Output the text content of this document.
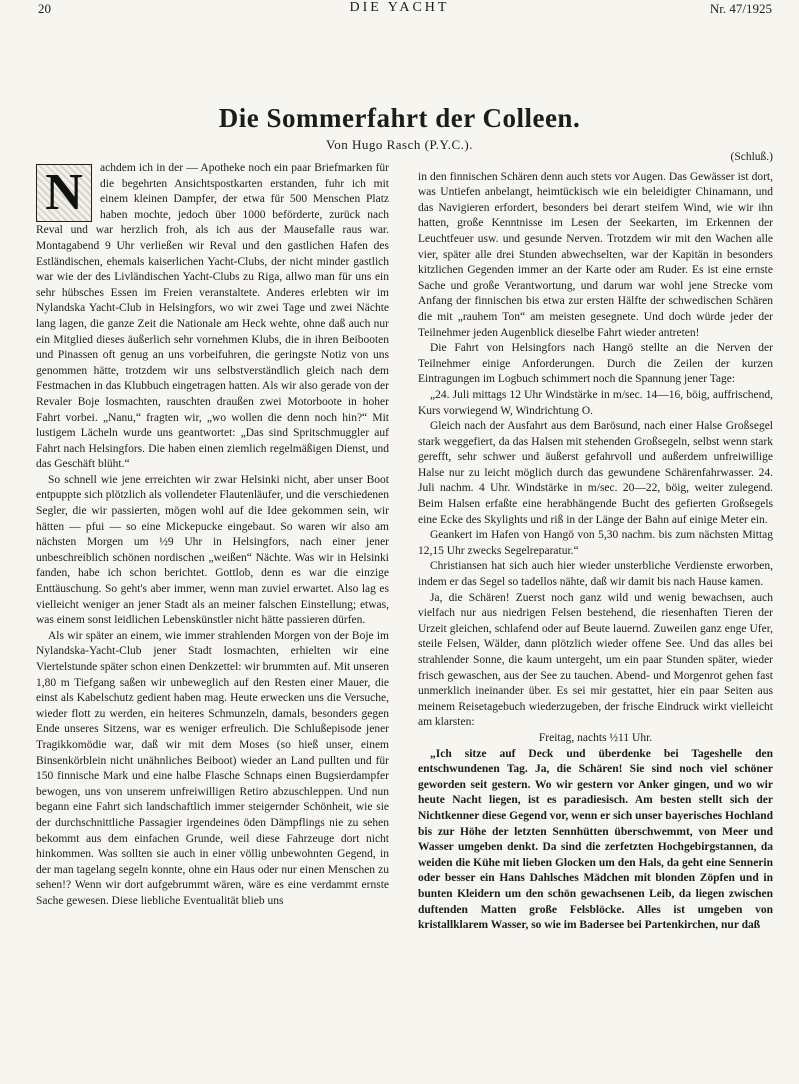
DIE YACHT
20	Nr. 47/1925
Die Sommerfahrt der Colleen.
Von Hugo Rasch (P.Y.C.).

N achdem ich in der — Apotheke noch ein paar Briefmarken für die begehrten Ansichtspostkarten erstanden, fuhr ich mit einem kleinen Dampfer, der etwa für 500 Menschen Platz haben mochte, jedoch über 1000 beförderte, zurück nach Reval und war herzlich froh, als ich aus der Mausefalle raus war. Montagabend 9 Uhr verließen wir Reval und den gastlichen Hafen des Estländischen, ehemals kaiserlichen Yacht-Clubs, der nicht minder gastlich war wie der des Livländischen Yacht-Clubs zu Riga, allwo man für uns ein sehr hübsches Essen im Freien veranstaltete. Anderes erlebten wir im Nylandska Yacht-Club in Helsingfors, wo wir zwei Tage und zwei Nächte lang lagen, die ganze Zeit die Nationale am Heck wehte, ohne daß auch nur ein Mitglied dieses äußerlich sehr vornehmen Klubs, die in ihren Beibooten und Pinassen oft genug an uns vorbeifuhren, die geringste Notiz von uns genommen hätte, trotzdem wir uns selbstverständlich gleich nach dem Festmachen in das Klubbuch eingetragen hatten. Als wir also gerade von der Revaler Boje losmachten, rauschten draußen zwei Motorboote in hoher Fahrt vorbei. „Nanu,“ fragten wir, „wo wollen die denn noch hin?“ Mit lustigem Lächeln wurde uns geantwortet: „Das sind Spritschmuggler auf Fahrt nach Helsingfors. Die haben einen ziemlich regelmäßigen Dienst, und das Geschäft blüht.“

So schnell wie jene erreichten wir zwar Helsinki nicht, aber unser Boot entpuppte sich plötzlich als vollendeter Flautenläufer, und die verschiedenen Segler, die wir passierten, mögen wohl auf die Idee gekommen sein, wir hätten — pfui — so eine Mickepucke eingebaut. So waren wir also am nächsten Morgen um ½9 Uhr in Helsingfors, nach einer jener unbeschreiblich schönen nordischen „weißen“ Nächte. Was wir in Helsinki fanden, habe ich schon berichtet. Gottlob, denn es war die einzige Enttäuschung. So geht's aber immer, wenn man zuviel erwartet. Also lag es vielleicht weniger an jener Stadt als an meiner falschen Einstellung; etwas, was einem sonst leidlichen Lebenskünstler nicht hätte passieren dürfen.

Als wir später an einem, wie immer strahlenden Morgen von der Boje im Nylandska-Yacht-Club jener Stadt losmachten, erhielten wir eine Viertelstunde später schon einen Denkzettel: wir brummten auf. Mit unseren 1,80 m Tiefgang saßen wir unbeweglich auf den Resten einer Mauer, die einst als Kabelschutz gedient haben mag. Heute erwecken uns die Versuche, wieder flott zu werden, ein heiteres Schmunzeln, damals, besonders gegen Ende unseres Sitzens, war es weniger erfreulich. Die Schlußepisode jener Tragikkomödie war, daß wir mit dem Moses (so hieß unser, einem Binsenkörblein nicht unähnliches Beiboot) wieder an Land pullten und für 150 finnische Mark und eine halbe Flasche Schnaps einen Bugsierdampfer bewogen, uns von unserem unfreiwilligen Retiro abzuschleppen. Und nun begann eine Fahrt sich landschaftlich immer steigernder Schönheit, wie sie der durchschnittliche Passagier irgendeines öden Dämpflings nie zu sehen bekommt aus dem einfachen Grunde, weil diese Fahrzeuge dort nicht hinkommen. Was sollten sie auch in einer völlig unbewohnten Gegend, in der man tagelang segeln konnte, ohne ein Haus oder nur einen Menschen zu sehen!? Wenn wir dort aufgebrummt wären, wäre es eine verdammt ernste Sache gewesen. Diese liebliche Eventualität blieb uns

(Schluß.)

in den finnischen Schären denn auch stets vor Augen. Das Gewässer ist dort, was Untiefen anbelangt, heimtückisch wie ein beleidigter Chinamann, und das Navigieren erfordert, besonders bei derart steifem Wind, wie wir ihn hatten, große Kenntnisse im Lesen der Seekarten, im Erkennen der Leuchtfeuer usw. und gesunde Nerven. Trotzdem wir mit den Wachen alle vier, später alle drei Stunden abwechselten, war der Kapitän in besonders kitzlichen Gegenden immer an der Karte oder am Ruder. Es ist eine ernste Sache und große Verantwortung, und darum war wohl jene Strecke vom Anfang der finnischen bis etwa zur ersten Hälfte der schwedischen Schären die mit „rauhem Ton“ am meisten gesegnete. Und doch würde jeder der Teilnehmer jeden Augenblick dieselbe Fahrt wieder antreten!

Die Fahrt von Helsingfors nach Hangö stellte an die Nerven der Teilnehmer einige Anforderungen. Durch die Zeilen der kurzen Eintragungen im Logbuch schimmert noch die Spannung jener Tage:

„24. Juli mittags 12 Uhr Windstärke in m/sec. 14—16, böig, auffrischend, Kurs vorwiegend W, Windrichtung O.

Gleich nach der Ausfahrt aus dem Barösund, nach einer Halse Großsegel stark weggefiert, da das Halsen mit stehenden Großsegeln, selbst wenn stark gerefft, sehr schwer und äußerst gefahrvoll und außerdem unfreiwillige Halse nur zu leicht möglich durch das gewundene Schärenfahrwasser. 24. Juli nachm. 4 Uhr. Windstärke in m/sec. 20—22, böig, weiter zulegend. Beim Halsen erfaßte eine herabhängende Bucht des gefierten Großsegels eine Ecke des Skylights und riß in der Länge der Bahn auf einige Meter ein.

Geankert im Hafen von Hangö von 5,30 nachm. bis zum nächsten Mittag 12,15 Uhr zwecks Segelreparatur.“

Christiansen hat sich auch hier wieder unsterbliche Verdienste erworben, indem er das Segel so tadellos nähte, daß wir damit bis nach Hause kamen.

Ja, die Schären! Zuerst noch ganz wild und wenig bewachsen, auch vielfach nur aus niedrigen Felsen bestehend, die riesenhaften Tieren der Urzeit gleichen, schlafend oder auf Beute lauernd. Zuweilen ganz enge Ufer, steile Felsen, Wälder, dann plötzlich wieder offene See. Und das alles bei strahlender Sonne, die kaum untergeht, um ein paar Stunden später, wieder frisch gewaschen, aus der See zu tauchen. Abend- und Morgenrot gehen fast unmerklich ineinander über. Es sei mir gestattet, hier ein paar Seiten aus meinem Reisetagebuch wiederzugeben, der frische Eindruck wirkt vielleicht am klarsten:

Freitag, nachts ½11 Uhr.

„Ich sitze auf Deck und überdenke bei Tageshelle den entschwundenen Tag. Ja, die Schären! Sie sind noch viel schöner geworden seit gestern. Wo wir gestern vor Anker gingen, und wo wir heute Nacht liegen, ist es paradiesisch. Am besten stellt sich der Nichtkenner diese Gegend vor, wenn er sich unser bayerisches Hochland bis zur Höhe der letzten Sennhütten überschwemmt, von Meer und Wasser umgeben denkt. Da sind die zerfetzten Hochgebirgstannen, da weiden die Kühe mit lieben Glocken um den Hals, da geht eine Sennerin oder besser ein Hans Dahlsches Mädchen mit blonden Zöpfen und in bunten Kleidern um den schön gewachsenen Leib, da liegen zwischen duftenden Matten große Felsblöcke. Alles ist umgeben von kristallklarem Wasser, so wie im Badersee bei Partenkirchen, nur daß
